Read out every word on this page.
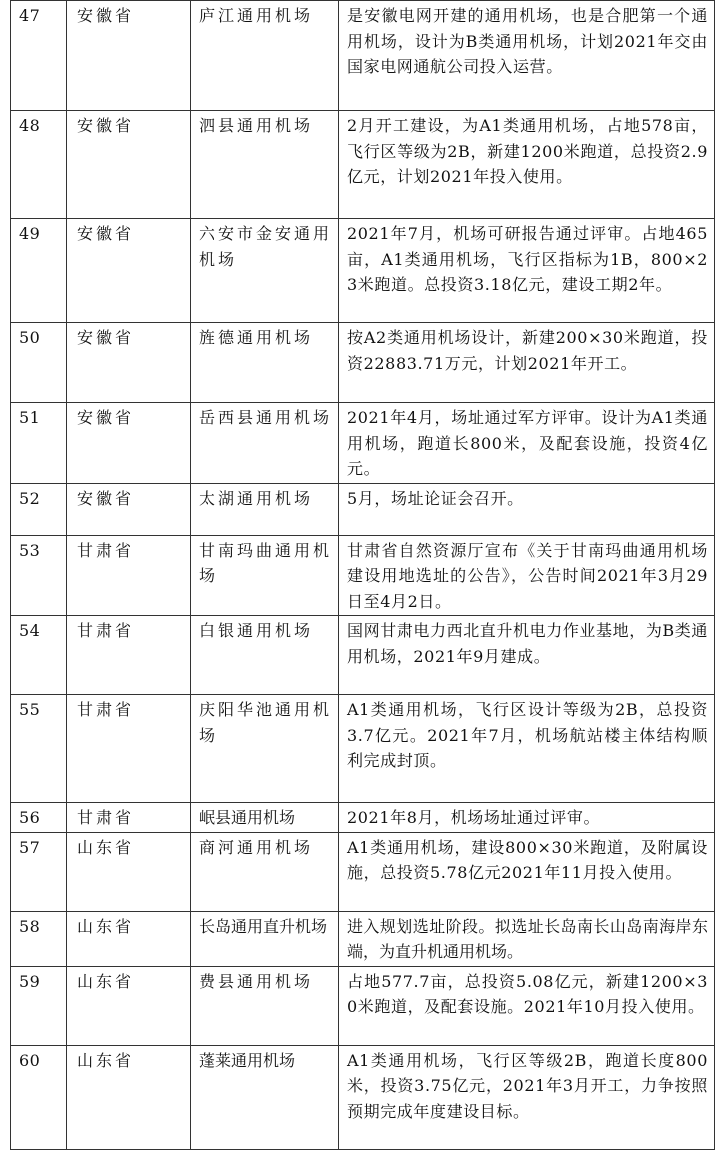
47	安徽省	庐江通用机场	是安徽电网开建的通用机场，也是合肥第一个通用机场，设计为B类通用机场，计划2021年交由国家电网通航公司投入运营。
48	安徽省	泗县通用机场	2月开工建设，为A1类通用机场，占地578亩，飞行区等级为2B，新建1200米跑道，总投资2.9亿元，计划2021年投入使用。
49	安徽省	六安市金安通用机场	2021年7月，机场可研报告通过评审。占地465亩，A1类通用机场，飞行区指标为1B，800×23米跑道。总投资3.18亿元，建设工期2年。
50	安徽省	旌德通用机场	按A2类通用机场设计，新建200×30米跑道，投资22883.71万元，计划2021年开工。
51	安徽省	岳西县通用机场	2021年4月，场址通过军方评审。设计为A1类通用机场，跑道长800米，及配套设施，投资4亿元。
52	安徽省	太湖通用机场	5月，场址论证会召开。
53	甘肃省	甘南玛曲通用机场	甘肃省自然资源厅宣布《关于甘南玛曲通用机场建设用地选址的公告》，公告时间2021年3月29日至4月2日。
54	甘肃省	白银通用机场	国网甘肃电力西北直升机电力作业基地，为B类通用机场，2021年9月建成。
55	甘肃省	庆阳华池通用机场	A1类通用机场，飞行区设计等级为2B，总投资3.7亿元。2021年7月，机场航站楼主体结构顺利完成封顶。
56	甘肃省	岷县通用机场	2021年8月，机场场址通过评审。
57	山东省	商河通用机场	A1类通用机场，建设800×30米跑道，及附属设施，总投资5.78亿元2021年11月投入使用。
58	山东省	长岛通用直升机场	进入规划选址阶段。拟选址长岛南长山岛南海岸东端，为直升机通用机场。
59	山东省	费县通用机场	占地577.7亩，总投资5.08亿元，新建1200×30米跑道，及配套设施。2021年10月投入使用。
60	山东省	蓬莱通用机场	A1类通用机场，飞行区等级2B，跑道长度800米，投资3.75亿元，2021年3月开工，力争按照预期完成年度建设目标。
